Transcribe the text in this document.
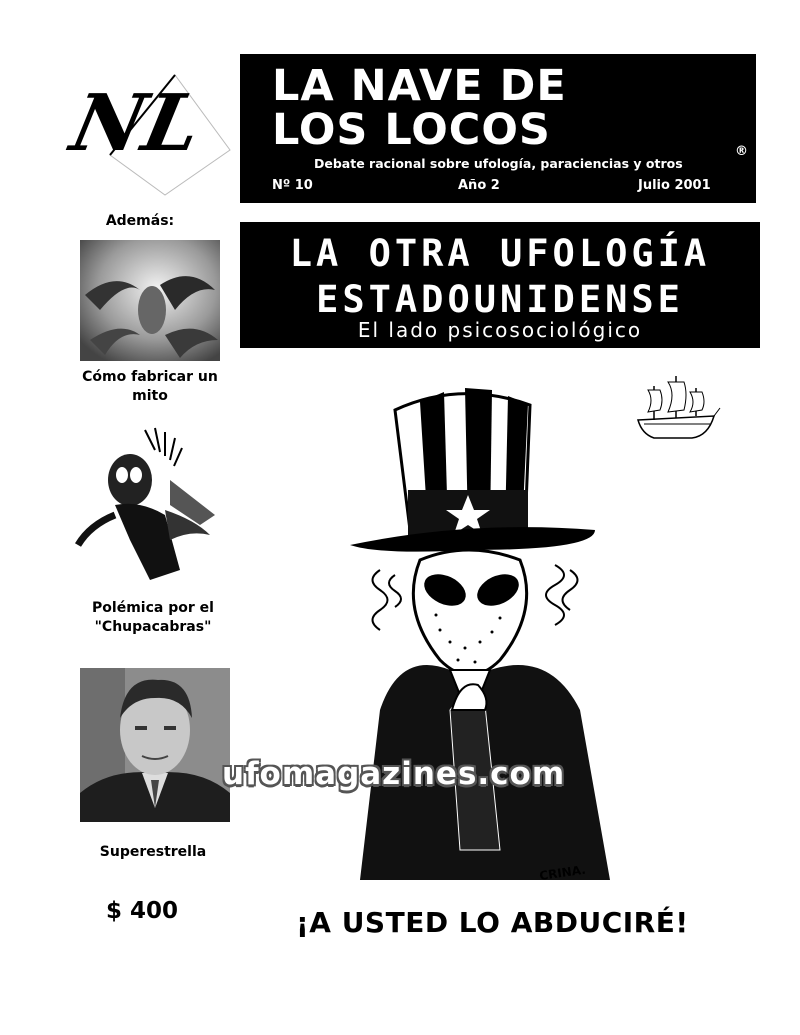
NL LA NAVE DE
LOS LOCOS	®
Debate racional sobre ufología, paraciencias y otros
Nº 10	Año 2	Julio 2001
LA OTRA UFOLOGÍA
ESTADOUNIDENSE
El lado psicosociológico
Además:
Cómo fabricar un mito
Polémica por el "Chupacabras"
Superestrella
$ 400
CRINA.
ufomagazines.com
¡A USTED LO ABDUCIRÉ!
